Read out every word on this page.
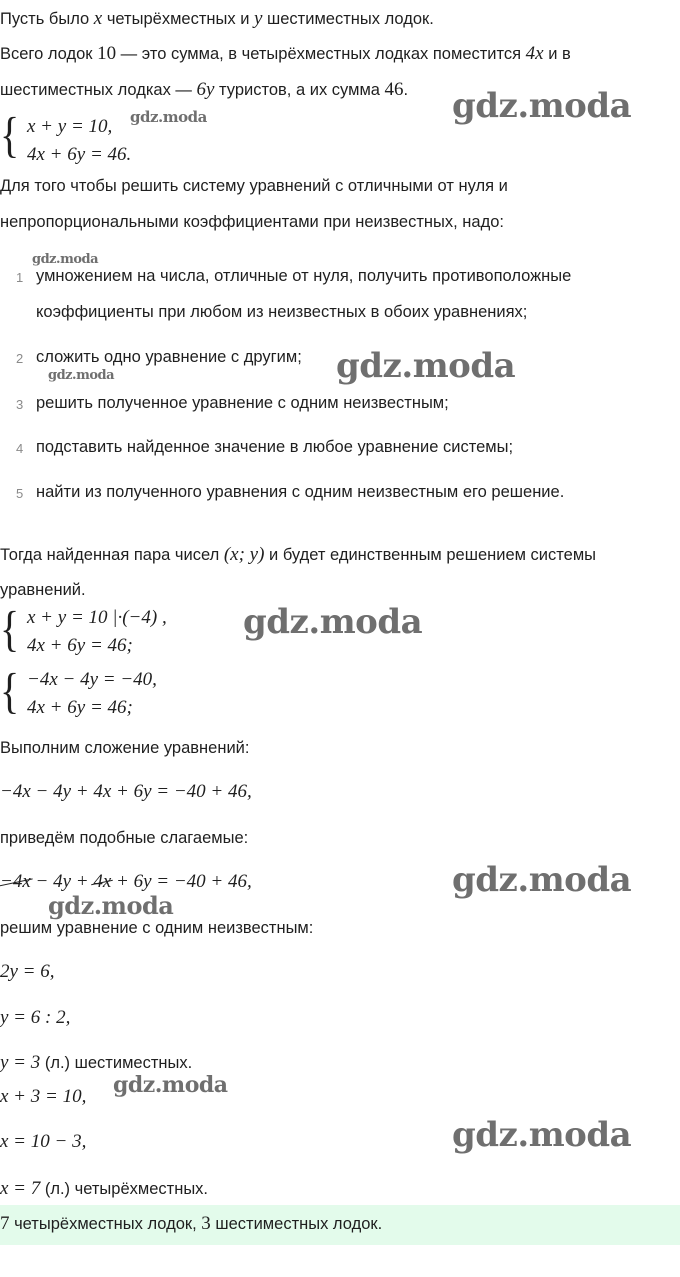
Пусть было x четырёхместных и y шестиместных лодок.
Всего лодок 10 — это сумма, в четырёхместных лодках поместится 4x и в
шестиместных лодках — 6y туристов, а их сумма 46.
{ x + y = 10,
4x + 6y = 46.
Для того чтобы решить систему уравнений с отличными от нуля и
непропорциональными коэффициентами при неизвестных, надо:
1 умножением на числа, отличные от нуля, получить противоположные
коэффициенты при любом из неизвестных в обоих уравнениях;
2 сложить одно уравнение с другим;
3 решить полученное уравнение с одним неизвестным;
4 подставить найденное значение в любое уравнение системы;
5 найти из полученного уравнения с одним неизвестным его решение.
Тогда найденная пара чисел (x; y) и будет единственным решением системы
уравнений.
{ x + y = 10 |·(−4) ,
4x + 6y = 46;
{ −4x − 4y = −40,
4x + 6y = 46;
Выполним сложение уравнений:
−4x − 4y + 4x + 6y = −40 + 46,
приведём подобные слагаемые:
−4x − 4y + 4x + 6y = −40 + 46,
решим уравнение с одним неизвестным:
2y = 6,
y = 6 : 2,
y = 3 (л.) шестиместных.
x + 3 = 10,
x = 10 − 3,
x = 7 (л.) четырёхместных.
7 четырёхместных лодок, 3 шестиместных лодок.
gdz.moda
gdz.moda
gdz.moda
gdz.moda
gdz.moda
gdz.moda
gdz.moda
gdz.moda
gdz.moda
gdz.moda
